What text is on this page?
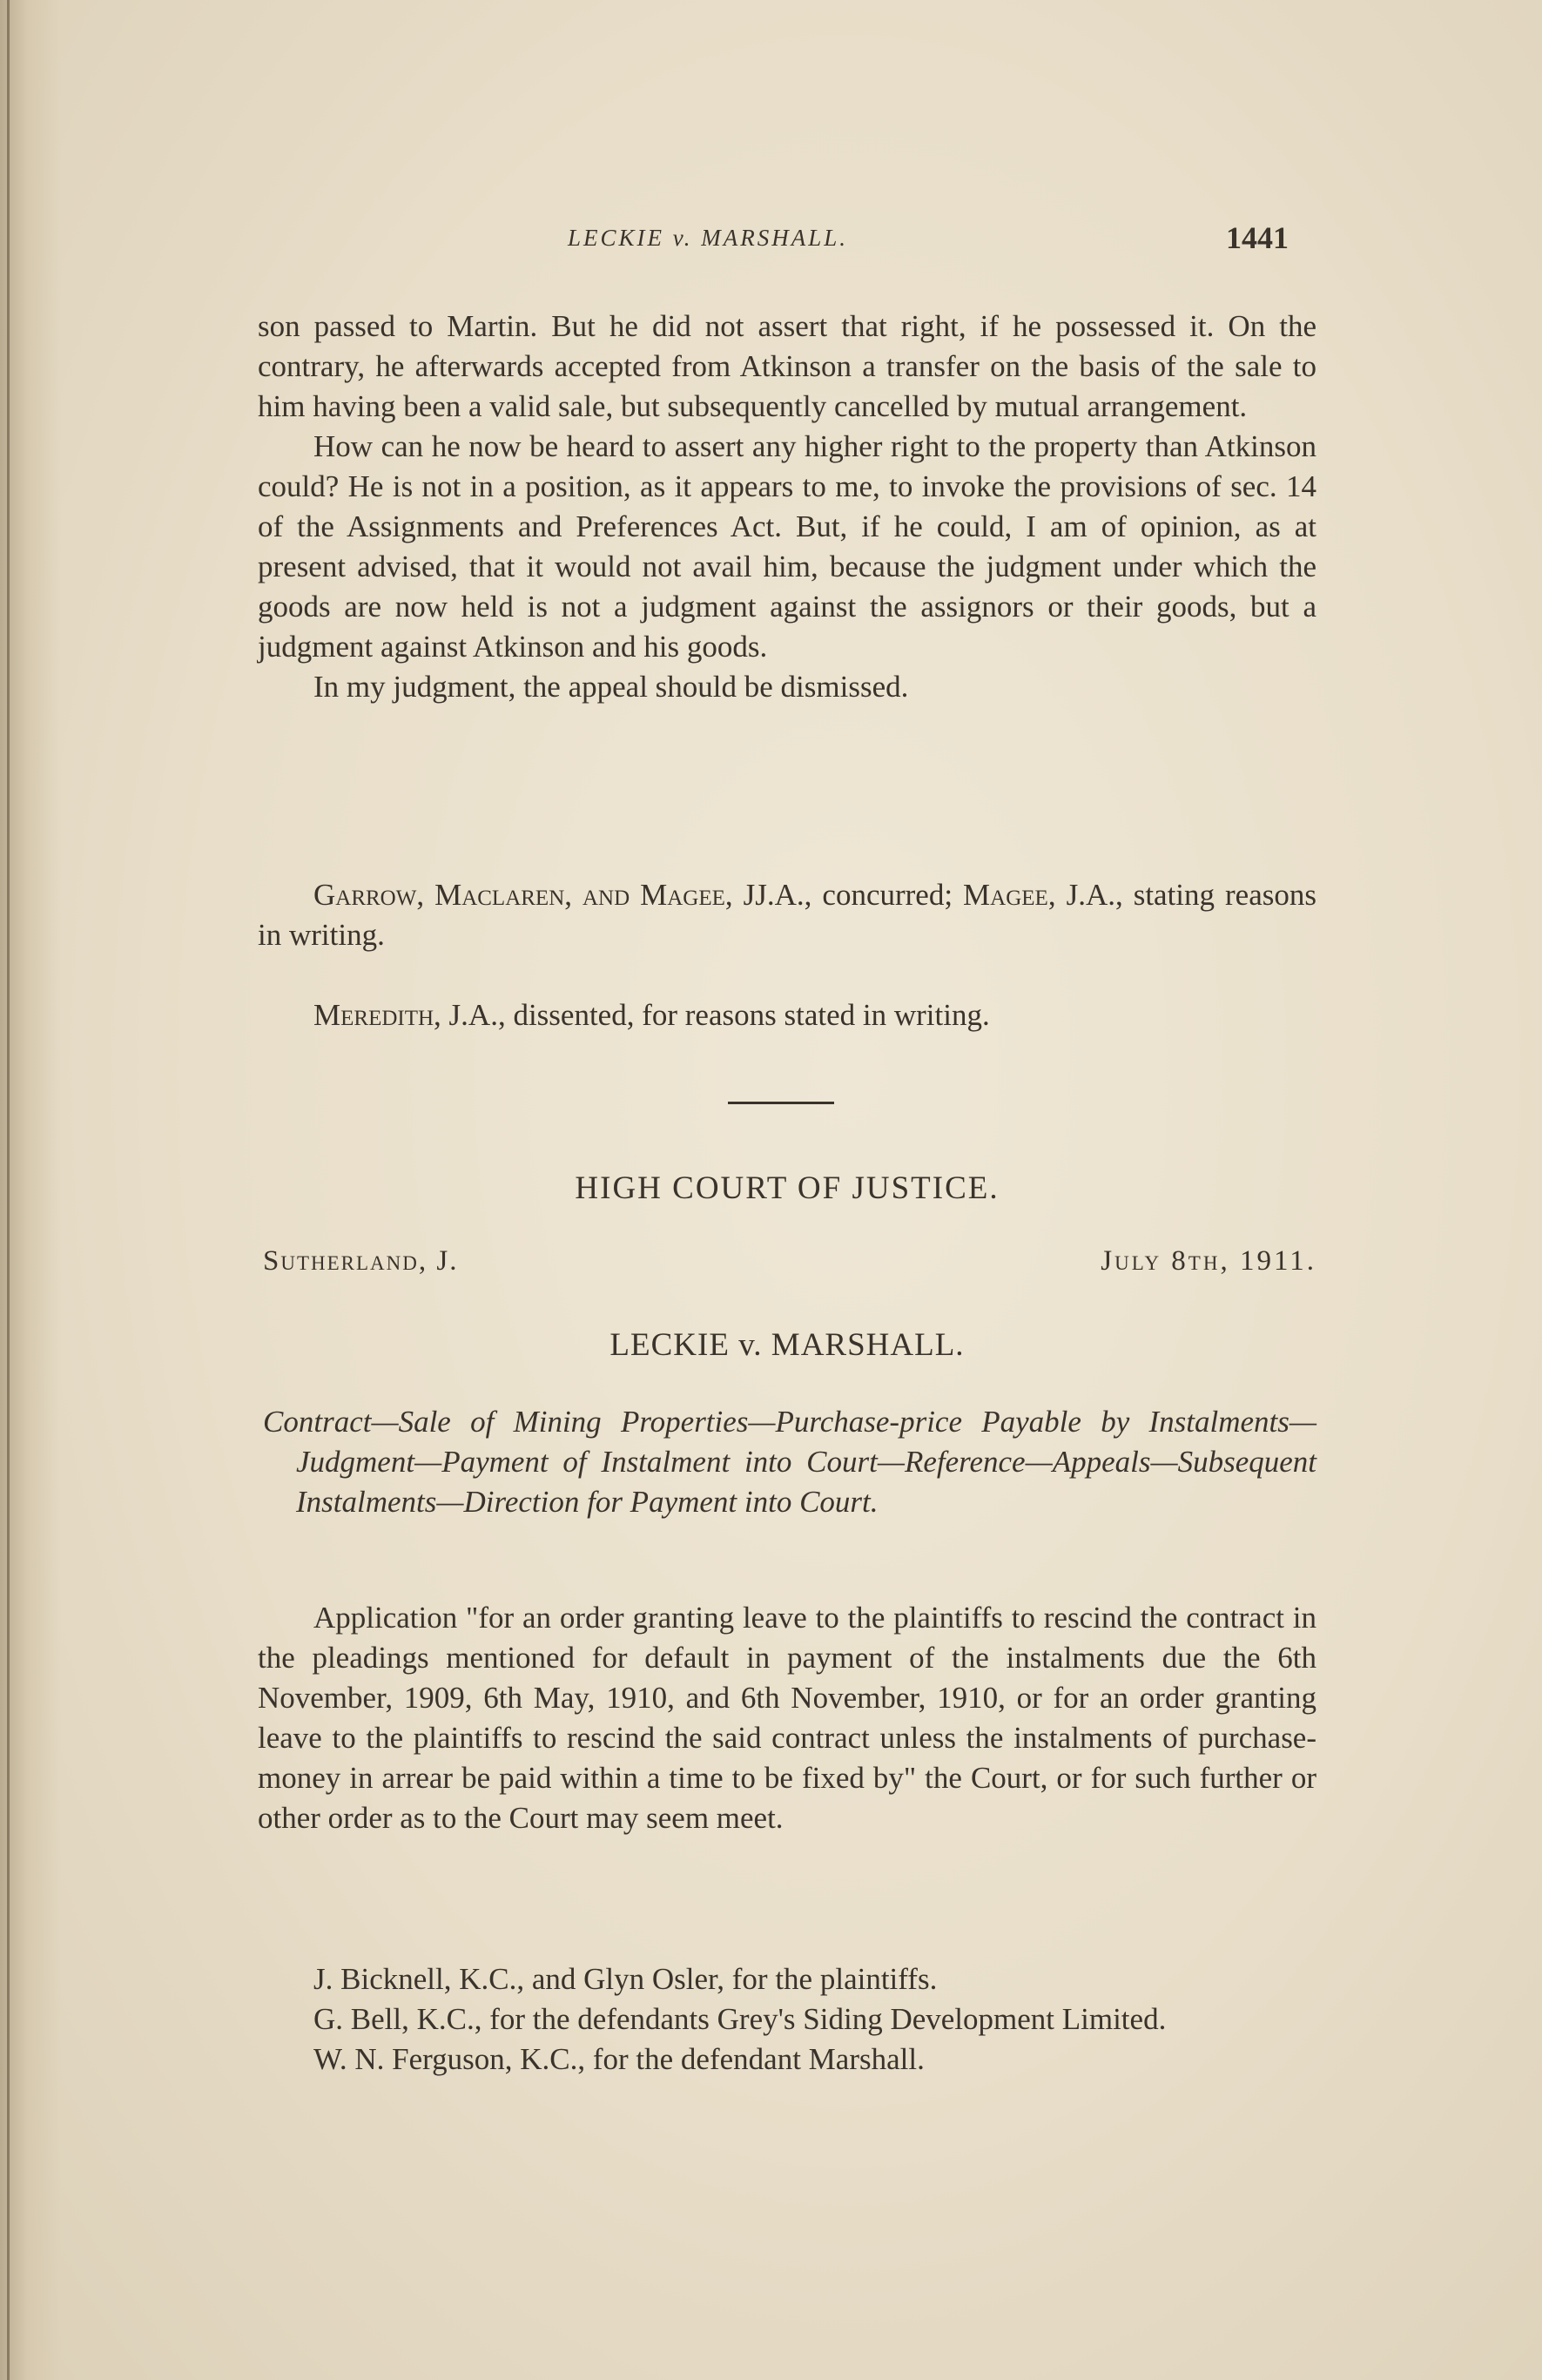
LECKIE v. MARSHALL.	1441

son passed to Martin. But he did not assert that right, if he possessed it. On the contrary, he afterwards accepted from Atkinson a transfer on the basis of the sale to him having been a valid sale, but subsequently cancelled by mutual arrangement.

How can he now be heard to assert any higher right to the property than Atkinson could? He is not in a position, as it appears to me, to invoke the provisions of sec. 14 of the Assignments and Preferences Act. But, if he could, I am of opinion, as at present advised, that it would not avail him, because the judgment under which the goods are now held is not a judgment against the assignors or their goods, but a judgment against Atkinson and his goods.

In my judgment, the appeal should be dismissed.

Garrow, Maclaren, and Magee, JJ.A., concurred; Magee, J.A., stating reasons in writing.

Meredith, J.A., dissented, for reasons stated in writing.

HIGH COURT OF JUSTICE.
Sutherland, J.	July 8th, 1911.
LECKIE v. MARSHALL.
Contract—Sale of Mining Properties—Purchase-price Payable by Instalments—Judgment—Payment of Instalment into Court—Reference—Appeals—Subsequent Instalments—Direction for Payment into Court.

Application "for an order granting leave to the plaintiffs to rescind the contract in the pleadings mentioned for default in payment of the instalments due the 6th November, 1909, 6th May, 1910, and 6th November, 1910, or for an order granting leave to the plaintiffs to rescind the said contract unless the instalments of purchase-money in arrear be paid within a time to be fixed by" the Court, or for such further or other order as to the Court may seem meet.

J. Bicknell, K.C., and Glyn Osler, for the plaintiffs.

G. Bell, K.C., for the defendants Grey's Siding Development Limited.

W. N. Ferguson, K.C., for the defendant Marshall.
